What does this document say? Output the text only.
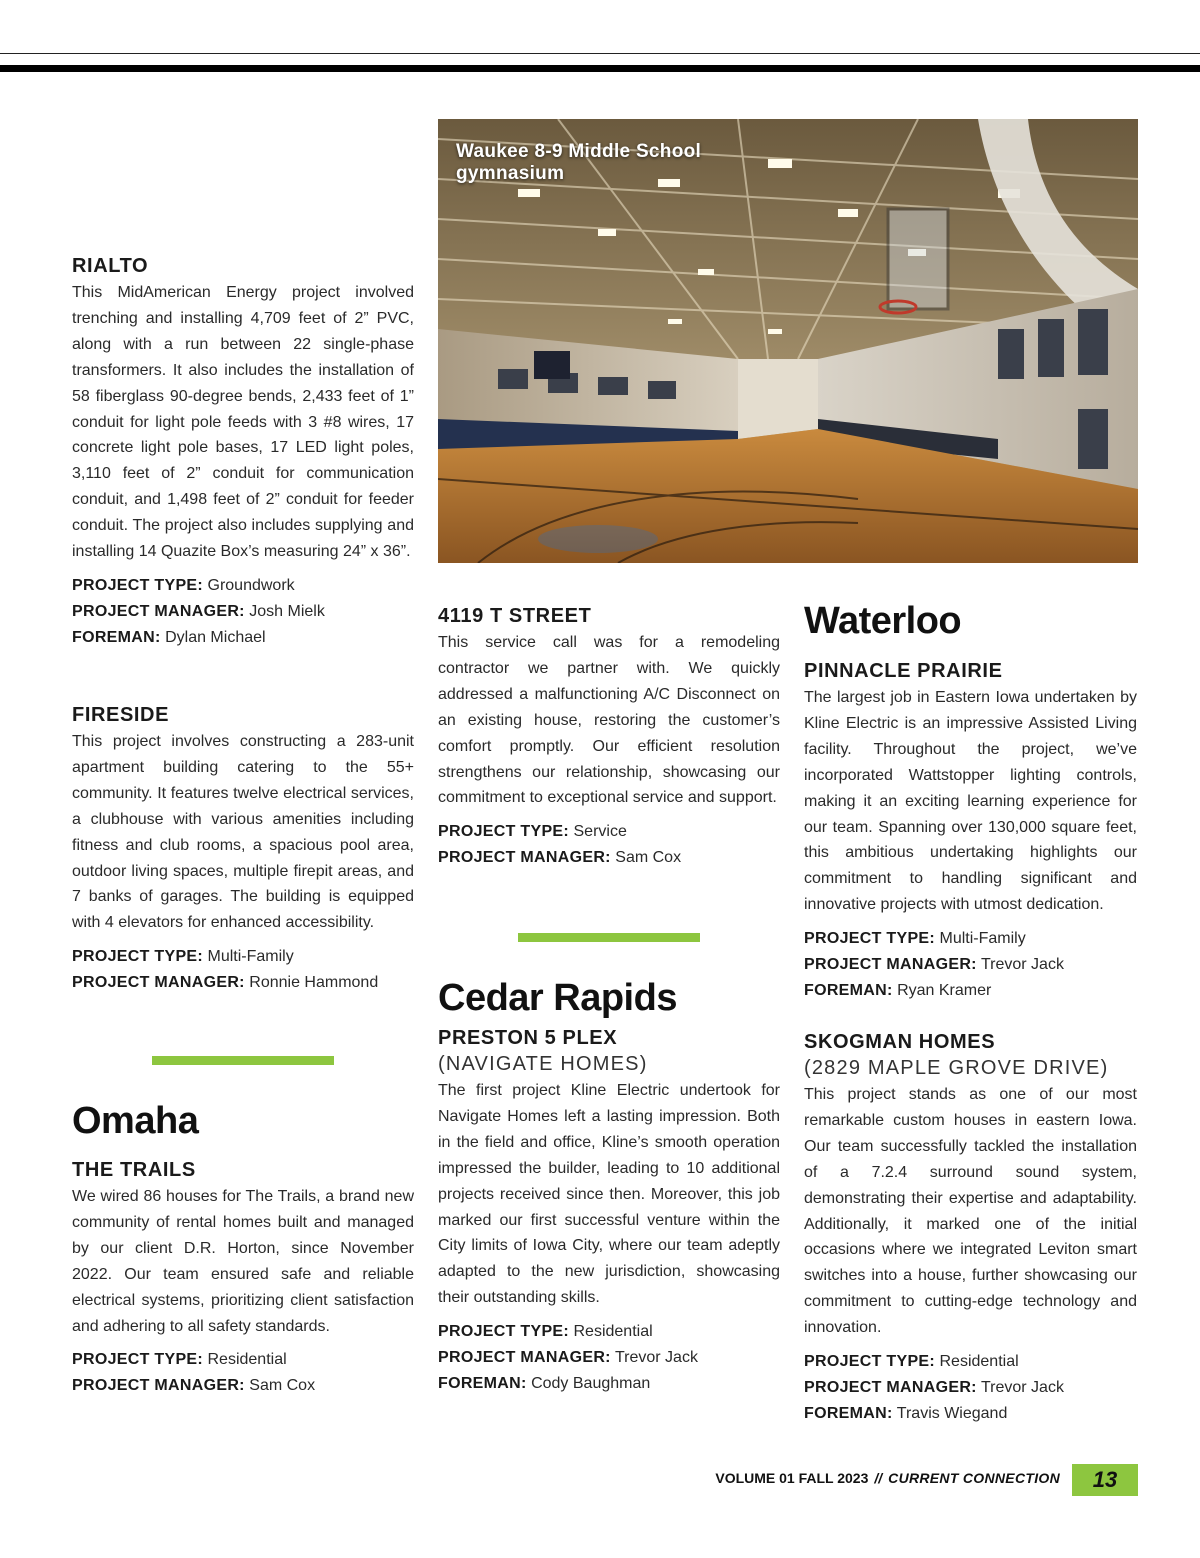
Waukee 8-9 Middle School gymnasium
RIALTO
This MidAmerican Energy project involved trenching and installing 4,709 feet of 2” PVC, along with a run between 22 single-phase transformers. It also includes the installation of 58 fiberglass 90-degree bends, 2,433 feet of 1” conduit for light pole feeds with 3 #8 wires, 17 concrete light pole bases, 17 LED light poles, 3,110 feet of 2” conduit for communication conduit, and 1,498 feet of 2” conduit for feeder conduit. The project also includes supplying and installing 14 Quazite Box’s measuring 24” x 36”.
PROJECT TYPE: Groundwork
PROJECT MANAGER: Josh Mielk
FOREMAN: Dylan Michael
FIRESIDE
This project involves constructing a 283-unit apartment building catering to the 55+ community. It features twelve electrical services, a clubhouse with various amenities including fitness and club rooms, a spacious pool area, outdoor living spaces, multiple firepit areas, and 7 banks of garages. The building is equipped with 4 elevators for enhanced accessibility.
PROJECT TYPE: Multi-Family
PROJECT MANAGER: Ronnie Hammond
Omaha
THE TRAILS
We wired 86 houses for The Trails, a brand new community of rental homes built and managed by our client D.R. Horton, since November 2022. Our team ensured safe and reliable electrical systems, prioritizing client satisfaction and adhering to all safety standards.
PROJECT TYPE: Residential
PROJECT MANAGER: Sam Cox
4119 T STREET
This service call was for a remodeling contractor we partner with. We quickly addressed a malfunctioning A/C Disconnect on an existing house, restoring the customer’s comfort promptly. Our efficient resolution strengthens our relationship, showcasing our commitment to exceptional service and support.
PROJECT TYPE: Service
PROJECT MANAGER: Sam Cox
Cedar Rapids
PRESTON 5 PLEX
(NAVIGATE HOMES)
The first project Kline Electric undertook for Navigate Homes left a lasting impression. Both in the field and office, Kline’s smooth operation impressed the builder, leading to 10 additional projects received since then. Moreover, this job marked our first successful venture within the City limits of Iowa City, where our team adeptly adapted to the new jurisdiction, showcasing their outstanding skills.
PROJECT TYPE: Residential
PROJECT MANAGER: Trevor Jack
FOREMAN: Cody Baughman
Waterloo
PINNACLE PRAIRIE
The largest job in Eastern Iowa undertaken by Kline Electric is an impressive Assisted Living facility. Throughout the project, we’ve incorporated Wattstopper lighting controls, making it an exciting learning experience for our team. Spanning over 130,000 square feet, this ambitious undertaking highlights our commitment to handling significant and innovative projects with utmost dedication.
PROJECT TYPE: Multi-Family
PROJECT MANAGER: Trevor Jack
FOREMAN: Ryan Kramer
SKOGMAN HOMES
(2829 MAPLE GROVE DRIVE)
This project stands as one of our most remarkable custom houses in eastern Iowa. Our team successfully tackled the installation of a 7.2.4 surround sound system, demonstrating their expertise and adaptability. Additionally, it marked one of the initial occasions where we integrated Leviton smart switches into a house, further showcasing our commitment to cutting-edge technology and innovation.
PROJECT TYPE: Residential
PROJECT MANAGER: Trevor Jack
FOREMAN: Travis Wiegand
VOLUME 01 FALL 2023 // CURRENT CONNECTION	13
